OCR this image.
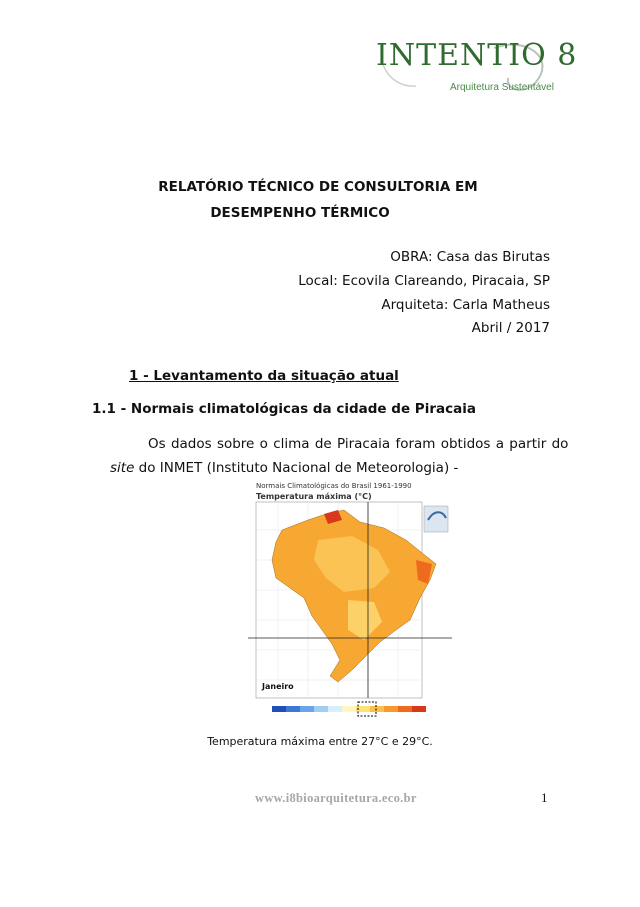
INTENTIO 8
Arquitetura Sustentável
RELATÓRIO TÉCNICO DE CONSULTORIA EM
DESEMPENHO TÉRMICO
OBRA: Casa das Birutas
Local: Ecovila Clareando, Piracaia, SP
Arquiteta: Carla Matheus
Abril / 2017
1 - Levantamento da situação atual
1.1 - Normais climatológicas da cidade de Piracaia
Os dados sobre o clima de Piracaia foram obtidos a partir do
site do INMET (Instituto Nacional de Meteorologia) -
Normais Climatológicas do Brasil 1961-1990
Temperatura máxima (°C)
Janeiro
Temperatura máxima entre 27°C e 29°C.
www.i8bioarquitetura.eco.br	1
